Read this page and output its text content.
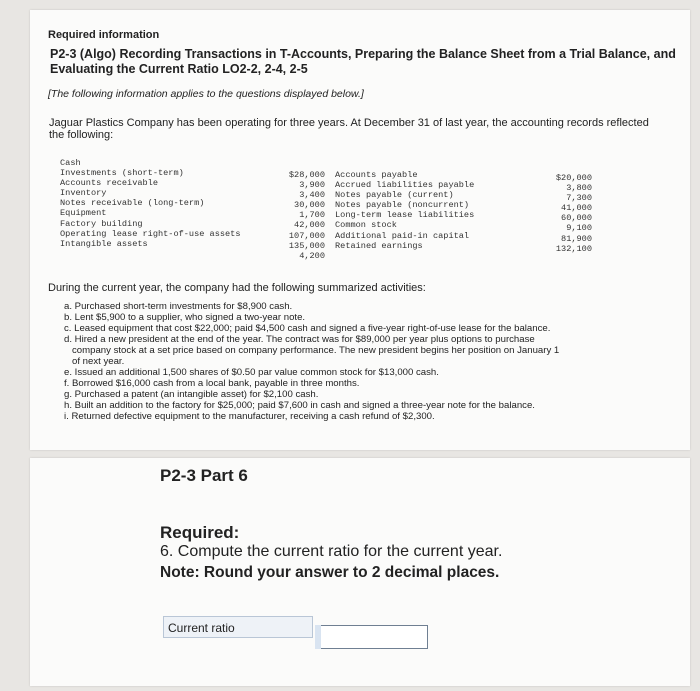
Required information
P2-3 (Algo) Recording Transactions in T-Accounts, Preparing the Balance Sheet from a Trial Balance, and Evaluating the Current Ratio LO2-2, 2-4, 2-5
[The following information applies to the questions displayed below.]
Jaguar Plastics Company has been operating for three years. At December 31 of last year, the accounting records reflected the following:
Cash
Investments (short-term)
Accounts receivable
Inventory
Notes receivable (long-term)
Equipment
Factory building
Operating lease right-of-use assets
Intangible assets
$28,000
3,900
3,400
30,000
1,700
42,000
107,000
135,000
4,200
Accounts payable
Accrued liabilities payable
Notes payable (current)
Notes payable (noncurrent)
Long-term lease liabilities
Common stock
Additional paid-in capital
Retained earnings
$20,000
3,800
7,300
41,000
60,000
9,100
81,900
132,100
During the current year, the company had the following summarized activities:
a. Purchased short-term investments for $8,900 cash.
b. Lent $5,900 to a supplier, who signed a two-year note.
c. Leased equipment that cost $22,000; paid $4,500 cash and signed a five-year right-of-use lease for the balance.
d. Hired a new president at the end of the year. The contract was for $89,000 per year plus options to purchase
company stock at a set price based on company performance. The new president begins her position on January 1
of next year.
e. Issued an additional 1,500 shares of $0.50 par value common stock for $13,000 cash.
f. Borrowed $16,000 cash from a local bank, payable in three months.
g. Purchased a patent (an intangible asset) for $2,100 cash.
h. Built an addition to the factory for $25,000; paid $7,600 in cash and signed a three-year note for the balance.
i. Returned defective equipment to the manufacturer, receiving a cash refund of $2,300.
P2-3 Part 6
Required:
6. Compute the current ratio for the current year.
Note: Round your answer to 2 decimal places.
Current ratio
